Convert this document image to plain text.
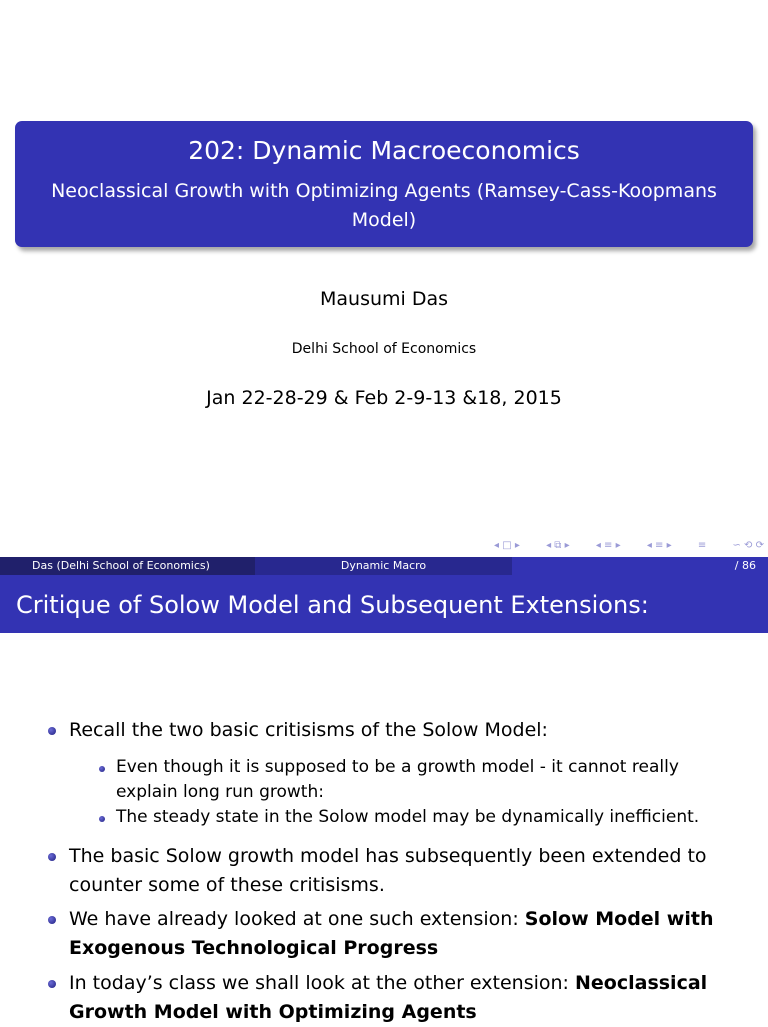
202: Dynamic Macroeconomics
Neoclassical Growth with Optimizing Agents (Ramsey-Cass-Koopmans Model)
Mausumi Das
Delhi School of Economics
Jan 22-28-29 & Feb 2-9-13 &18, 2015
◂ □ ▸	◂ ⧉ ▸	◂ ≡ ▸	◂ ≡ ▸	≡	∽ ⟲ ⟳
Das (Delhi School of Economics)	Dynamic Macro	/ 86
Critique of Solow Model and Subsequent Extensions:
Recall the two basic critisisms of the Solow Model:
Even though it is supposed to be a growth model - it cannot really explain long run growth:
The steady state in the Solow model may be dynamically inefficient.
The basic Solow growth model has subsequently been extended to counter some of these critisisms.
We have already looked at one such extension: Solow Model with Exogenous Technological Progress
In today’s class we shall look at the other extension: Neoclassical Growth Model with Optimizing Agents
